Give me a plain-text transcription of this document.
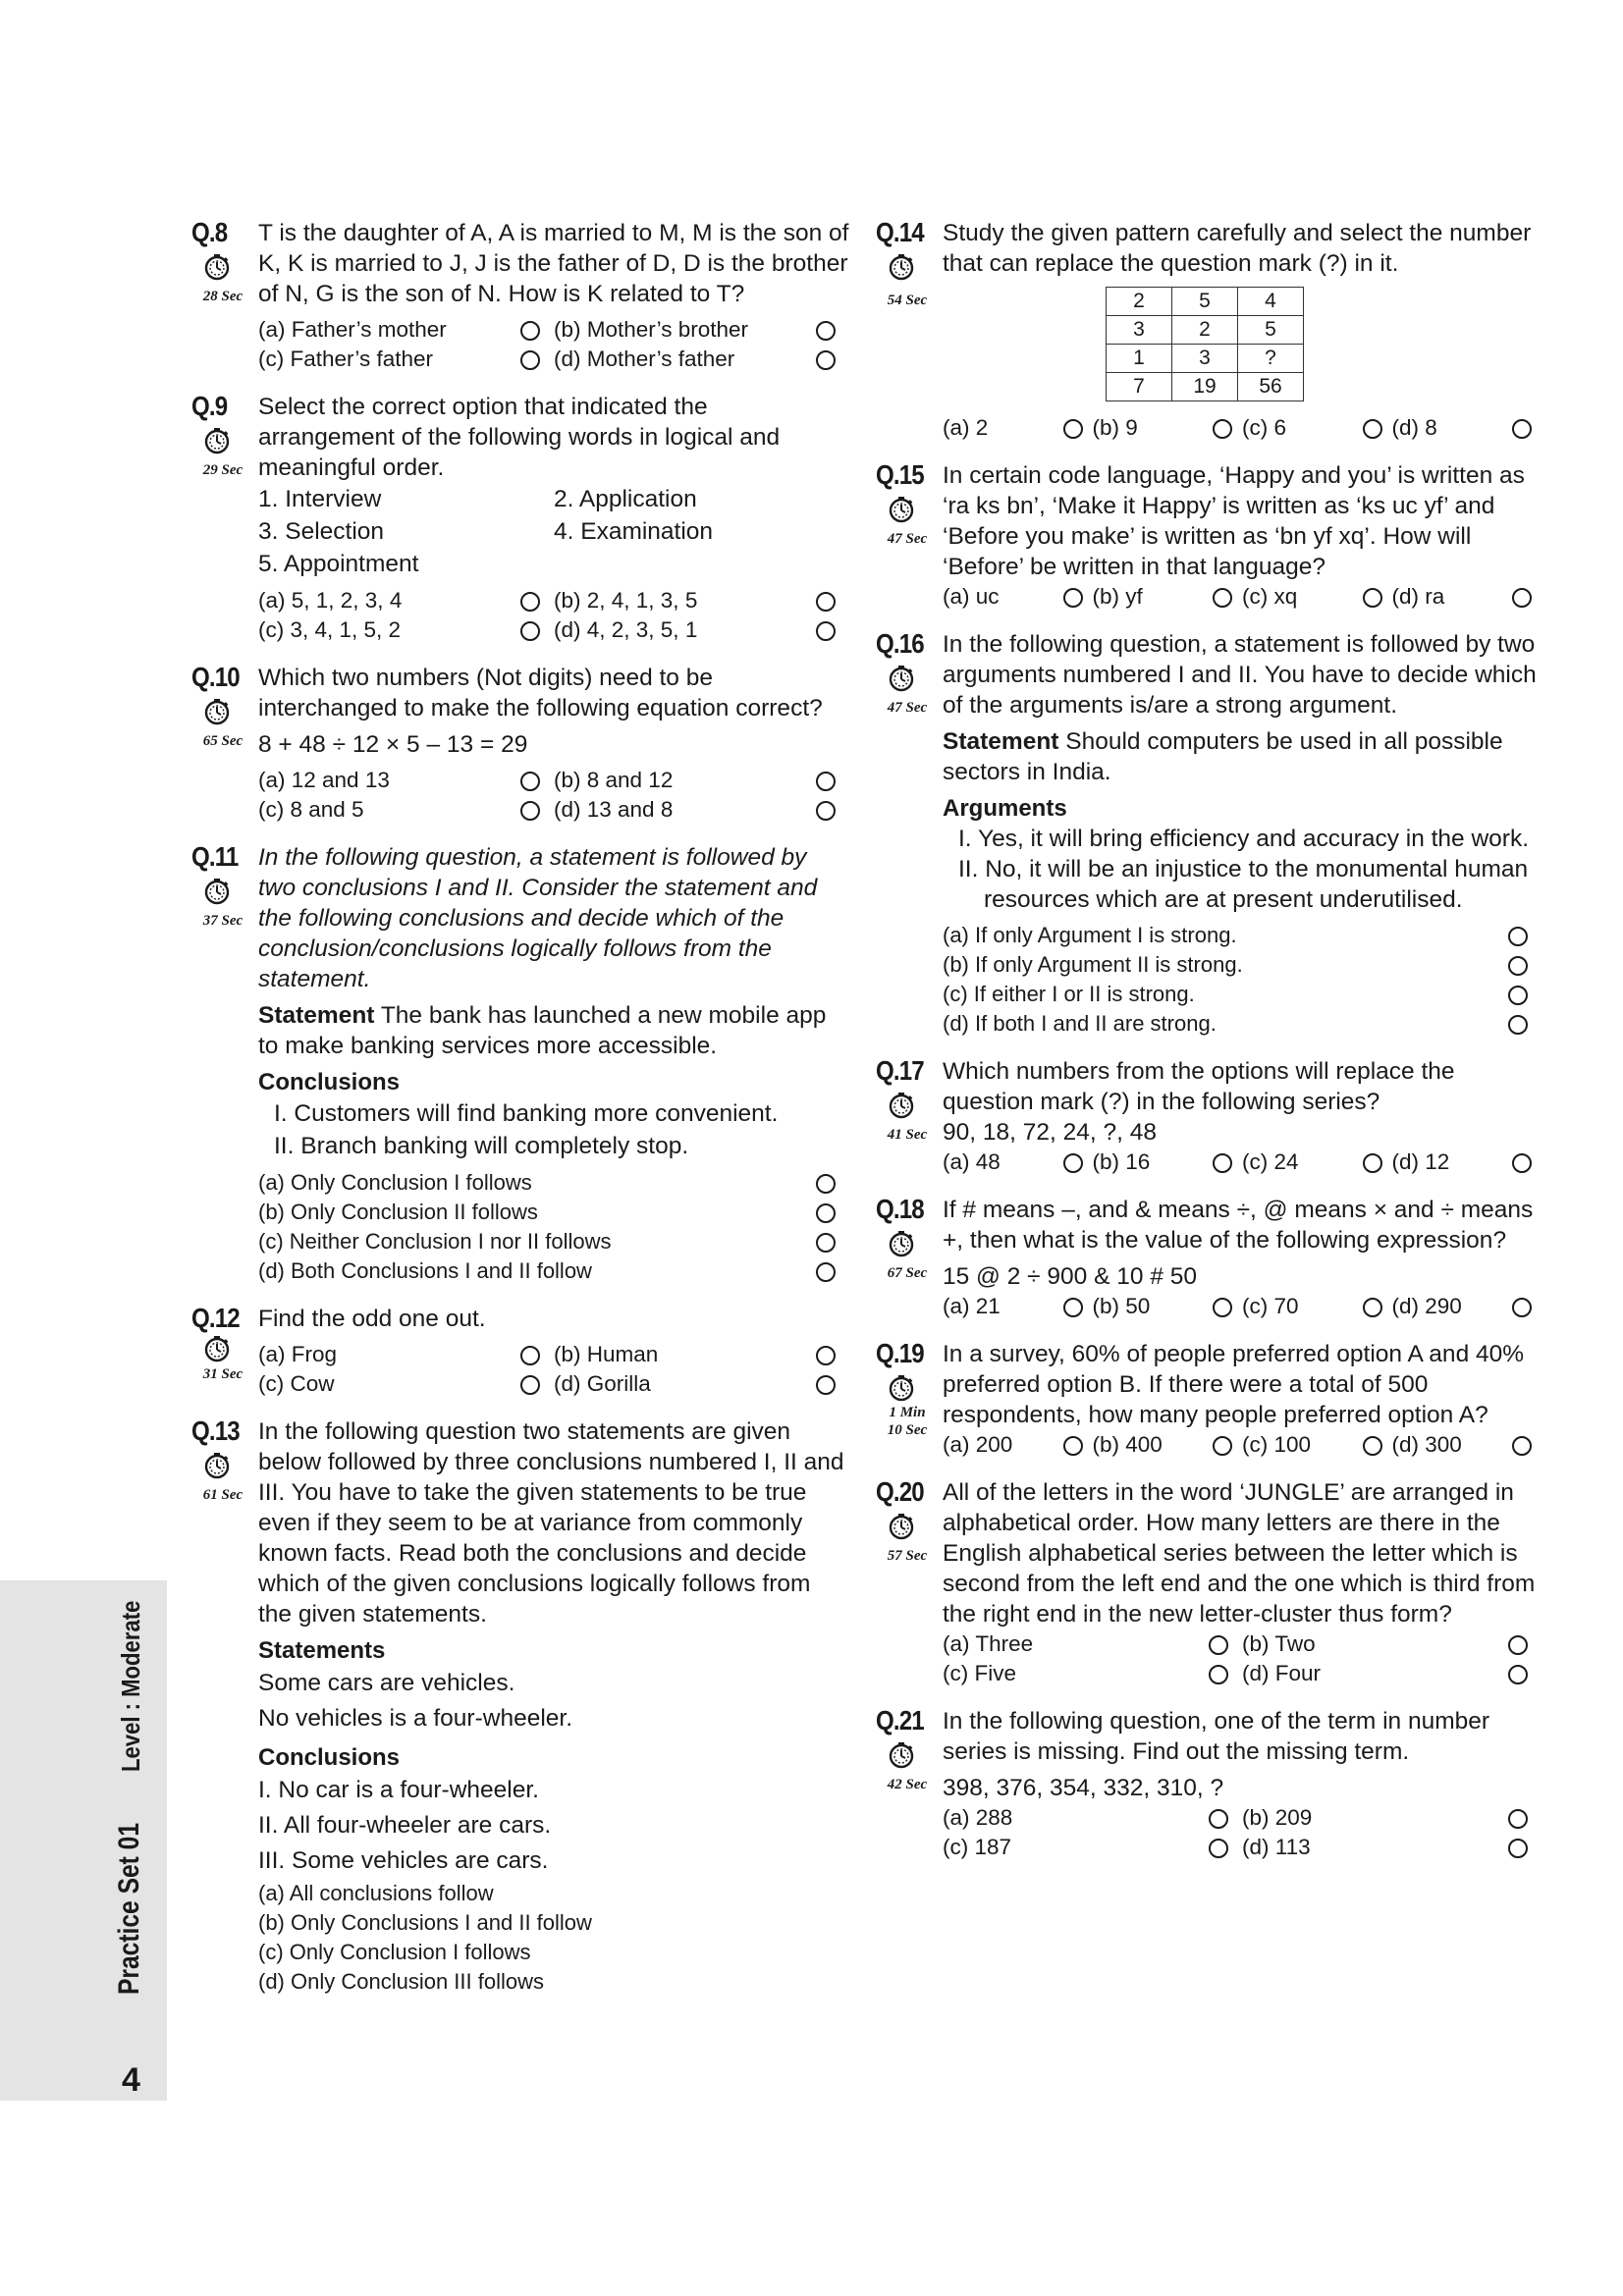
Level : Moderate
Practice Set 01
4
Q.8
28 Sec
T is the daughter of A, A is married to M, M is the son of K, K is married to J, J is the father of D, D is the brother of N, G is the son of N. How is K related to T?
(a) Father’s mother	(b) Mother’s brother
(c) Father’s father	(d) Mother’s father
Q.9
29 Sec
Select the correct option that indicated the arrangement of the following words in logical and meaningful order.
1. Interview	2. Application
3. Selection	4. Examination
5. Appointment
(a) 5, 1, 2, 3, 4	(b) 2, 4, 1, 3, 5
(c) 3, 4, 1, 5, 2	(d) 4, 2, 3, 5, 1
Q.10
65 Sec
Which two numbers (Not digits) need to be interchanged to make the following equation correct?
8 + 48 ÷ 12 × 5 – 13 = 29
(a) 12 and 13	(b) 8 and 12
(c) 8 and 5	(d) 13 and 8
Q.11
37 Sec
In the following question, a statement is followed by two conclusions I and II. Consider the statement and the following conclusions and decide which of the conclusion/conclusions logically follows from the statement.
Statement The bank has launched a new mobile app to make banking services more accessible.
Conclusions
I. Customers will find banking more convenient.
II. Branch banking will completely stop.
(a) Only Conclusion I follows
(b) Only Conclusion II follows
(c) Neither Conclusion I nor II follows
(d) Both Conclusions I and II follow
Q.12
31 Sec
Find the odd one out.
(a) Frog	(b) Human
(c) Cow	(d) Gorilla
Q.13
61 Sec
In the following question two statements are given below followed by three conclusions numbered I, II and III. You have to take the given statements to be true even if they seem to be at variance from commonly known facts. Read both the conclusions and decide which of the given conclusions logically follows from the given statements.
Statements
Some cars are vehicles.
No vehicles is a four-wheeler.
Conclusions
I. No car is a four-wheeler.
II. All four-wheeler are cars.
III. Some vehicles are cars.
(a) All conclusions follow
(b) Only Conclusions I and II follow
(c) Only Conclusion I follows
(d) Only Conclusion III follows
Q.14
54 Sec
Study the given pattern carefully and select the number that can replace the question mark (?) in it.
2	5	4
3	2	5
1	3	?
7	19	56
(a) 2	(b) 9	(c) 6	(d) 8
Q.15
47 Sec
In certain code language, ‘Happy and you’ is written as ‘ra ks bn’, ‘Make it Happy’ is written as ‘ks uc yf’ and ‘Before you make’ is written as ‘bn yf xq’. How will ‘Before’ be written in that language?
(a) uc	(b) yf	(c) xq	(d) ra
Q.16
47 Sec
In the following question, a statement is followed by two arguments numbered I and II. You have to decide which of the arguments is/are a strong argument.
Statement Should computers be used in all possible sectors in India.
Arguments
I. Yes, it will bring efficiency and accuracy in the work.
II. No, it will be an injustice to the monumental human resources which are at present underutilised.
(a) If only Argument I is strong.
(b) If only Argument II is strong.
(c) If either I or II is strong.
(d) If both I and II are strong.
Q.17
41 Sec
Which numbers from the options will replace the question mark (?) in the following series?
90, 18, 72, 24, ?, 48
(a) 48	(b) 16	(c) 24	(d) 12
Q.18
67 Sec
If # means –, and & means ÷, @ means × and ÷ means +, then what is the value of the following expression?
15 @ 2 ÷ 900 & 10 # 50
(a) 21	(b) 50	(c) 70	(d) 290
Q.19
1 Min
10 Sec
In a survey, 60% of people preferred option A and 40% preferred option B. If there were a total of 500 respondents, how many people preferred option A?
(a) 200	(b) 400	(c) 100	(d) 300
Q.20
57 Sec
All of the letters in the word ‘JUNGLE’ are arranged in alphabetical order. How many letters are there in the English alphabetical series between the letter which is second from the left end and the one which is third from the right end in the new letter-cluster thus form?
(a) Three	(b) Two
(c) Five	(d) Four
Q.21
42 Sec
In the following question, one of the term in number series is missing. Find out the missing term.
398, 376, 354, 332, 310, ?
(a) 288	(b) 209
(c) 187	(d) 113
